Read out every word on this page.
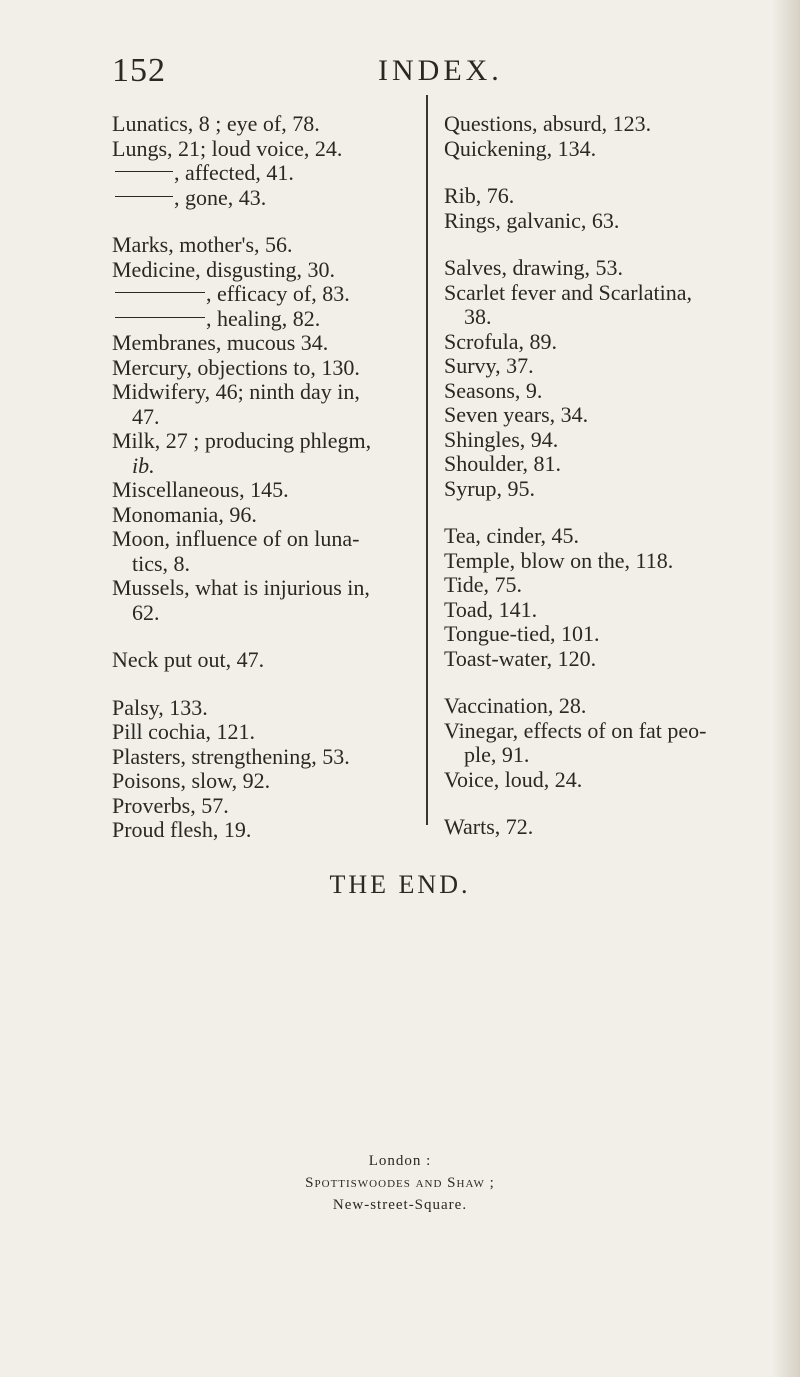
152	INDEX.
Lunatics, 8 ; eye of, 78.
Lungs, 21; loud voice, 24.
, affected, 41.
, gone, 43.
Marks, mother's, 56.
Medicine, disgusting, 30.
, efficacy of, 83.
, healing, 82.
Membranes, mucous 34.
Mercury, objections to, 130.
Midwifery, 46; ninth day in,
47.
Milk, 27 ; producing phlegm,
ib.
Miscellaneous, 145.
Monomania, 96.
Moon, influence of on luna-
tics, 8.
Mussels, what is injurious in,
62.
Neck put out, 47.
Palsy, 133.
Pill cochia, 121.
Plasters, strengthening, 53.
Poisons, slow, 92.
Proverbs, 57.
Proud flesh, 19.
Questions, absurd, 123.
Quickening, 134.
Rib, 76.
Rings, galvanic, 63.
Salves, drawing, 53.
Scarlet fever and Scarlatina,
38.
Scrofula, 89.
Survy, 37.
Seasons, 9.
Seven years, 34.
Shingles, 94.
Shoulder, 81.
Syrup, 95.
Tea, cinder, 45.
Temple, blow on the, 118.
Tide, 75.
Toad, 141.
Tongue-tied, 101.
Toast-water, 120.
Vaccination, 28.
Vinegar, effects of on fat peo-
ple, 91.
Voice, loud, 24.
Warts, 72.
THE END.
London :
Spottiswoodes and Shaw ;
New-street-Square.
